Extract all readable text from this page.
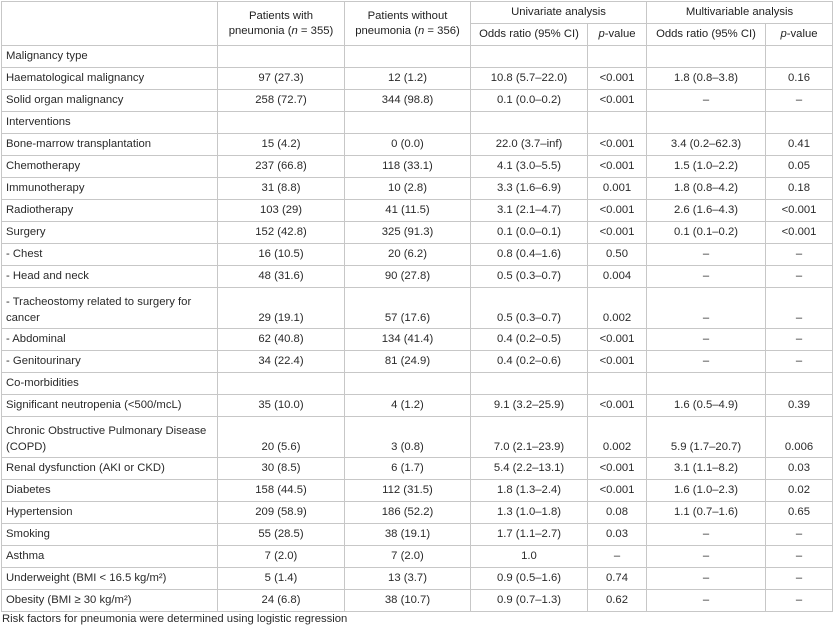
	Patients with pneumonia (n = 355)	Patients without pneumonia (n = 356)	Univariate analysis		Multivariable analysis	
			Odds ratio (95% CI)	p-value	Odds ratio (95% CI)	p-value
Malignancy type						
Haematological malignancy	97 (27.3)	12 (1.2)	10.8 (5.7–22.0)	<0.001	1.8 (0.8–3.8)	0.16
Solid organ malignancy	258 (72.7)	344 (98.8)	0.1 (0.0–0.2)	<0.001	–	–
Interventions						
Bone-marrow transplantation	15 (4.2)	0 (0.0)	22.0 (3.7–inf)	<0.001	3.4 (0.2–62.3)	0.41
Chemotherapy	237 (66.8)	118 (33.1)	4.1 (3.0–5.5)	<0.001	1.5 (1.0–2.2)	0.05
Immunotherapy	31 (8.8)	10 (2.8)	3.3 (1.6–6.9)	0.001	1.8 (0.8–4.2)	0.18
Radiotherapy	103 (29)	41 (11.5)	3.1 (2.1–4.7)	<0.001	2.6 (1.6–4.3)	<0.001
Surgery	152 (42.8)	325 (91.3)	0.1 (0.0–0.1)	<0.001	0.1 (0.1–0.2)	<0.001
- Chest	16 (10.5)	20 (6.2)	0.8 (0.4–1.6)	0.50	–	–
- Head and neck	48 (31.6)	90 (27.8)	0.5 (0.3–0.7)	0.004	–	–
- Tracheostomy related to surgery for cancer	29 (19.1)	57 (17.6)	0.5 (0.3–0.7)	0.002	–	–
- Abdominal	62 (40.8)	134 (41.4)	0.4 (0.2–0.5)	<0.001	–	–
- Genitourinary	34 (22.4)	81 (24.9)	0.4 (0.2–0.6)	<0.001	–	–
Co-morbidities						
Significant neutropenia (<500/mcL)	35 (10.0)	4 (1.2)	9.1 (3.2–25.9)	<0.001	1.6 (0.5–4.9)	0.39
Chronic Obstructive Pulmonary Disease (COPD)	20 (5.6)	3 (0.8)	7.0 (2.1–23.9)	0.002	5.9 (1.7–20.7)	0.006
Renal dysfunction (AKI or CKD)	30 (8.5)	6 (1.7)	5.4 (2.2–13.1)	<0.001	3.1 (1.1–8.2)	0.03
Diabetes	158 (44.5)	112 (31.5)	1.8 (1.3–2.4)	<0.001	1.6 (1.0–2.3)	0.02
Hypertension	209 (58.9)	186 (52.2)	1.3 (1.0–1.8)	0.08	1.1 (0.7–1.6)	0.65
Smoking	55 (28.5)	38 (19.1)	1.7 (1.1–2.7)	0.03	–	–
Asthma	7 (2.0)	7 (2.0)	1.0	–	–	–
Underweight (BMI < 16.5 kg/m²)	5 (1.4)	13 (3.7)	0.9 (0.5–1.6)	0.74	–	–
Obesity (BMI ≥ 30 kg/m²)	24 (6.8)	38 (10.7)	0.9 (0.7–1.3)	0.62	–	–
Risk factors for pneumonia were determined using logistic regression
